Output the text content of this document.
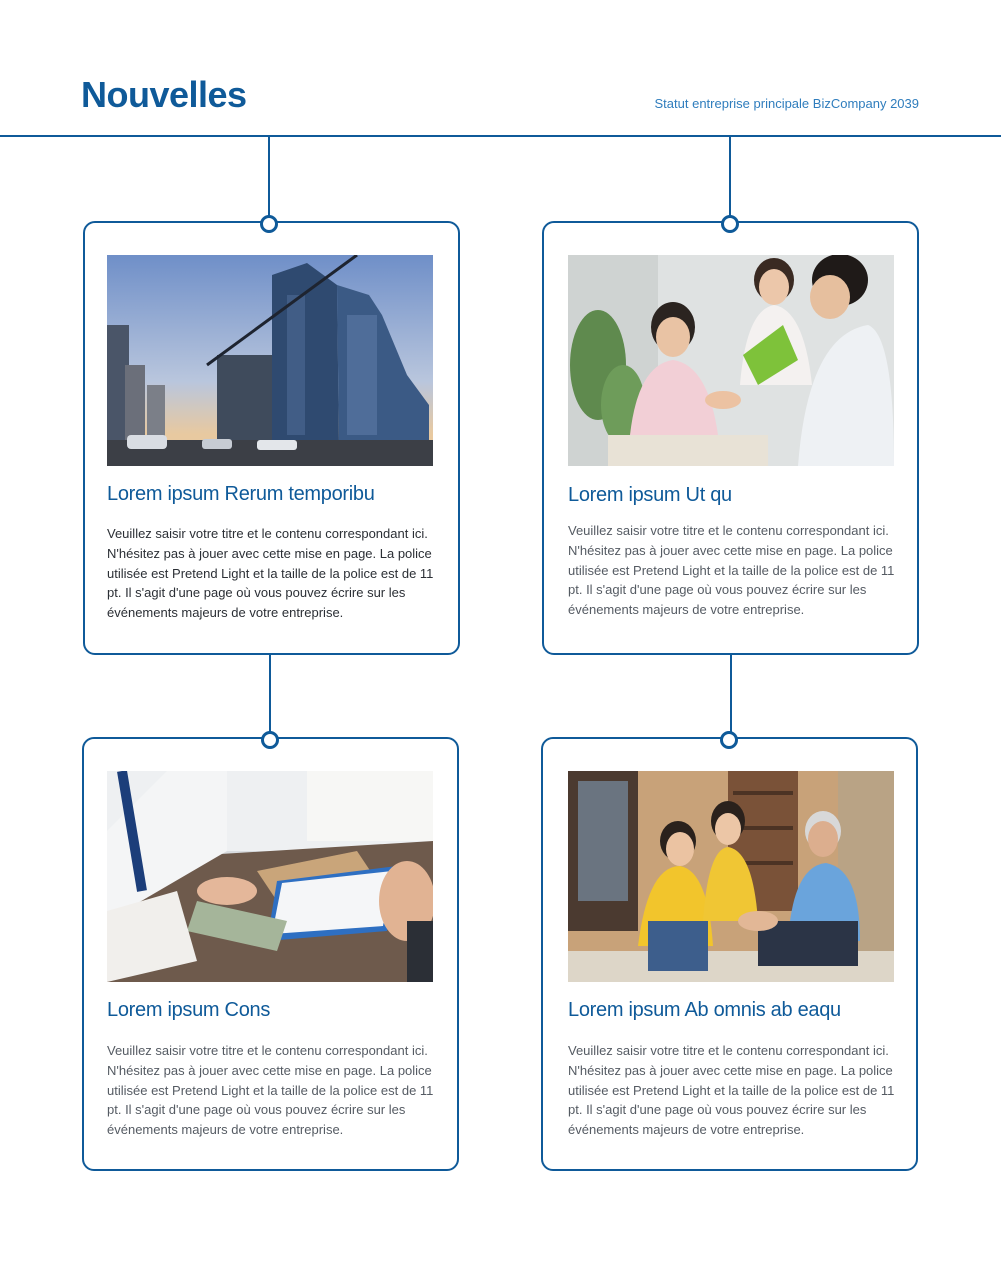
Nouvelles	Statut entreprise principale BizCompany 2039
Lorem ipsum Rerum temporibu

Veuillez saisir votre titre et le contenu correspondant ici. N'hésitez pas à jouer avec cette mise en page. La police utilisée est Pretend Light et la taille de la police est de 11 pt. Il s'agit d'une page où vous pouvez écrire sur les événements majeurs de votre entreprise.

Lorem ipsum Ut qu

Veuillez saisir votre titre et le contenu correspondant ici. N'hésitez pas à jouer avec cette mise en page. La police utilisée est Pretend Light et la taille de la police est de 11 pt. Il s'agit d'une page où vous pouvez écrire sur les événements majeurs de votre entreprise.

Lorem ipsum Cons

Veuillez saisir votre titre et le contenu correspondant ici. N'hésitez pas à jouer avec cette mise en page. La police utilisée est Pretend Light et la taille de la police est de 11 pt. Il s'agit d'une page où vous pouvez écrire sur les événements majeurs de votre entreprise.

Lorem ipsum Ab omnis ab eaqu

Veuillez saisir votre titre et le contenu correspondant ici. N'hésitez pas à jouer avec cette mise en page. La police utilisée est Pretend Light et la taille de la police est de 11 pt. Il s'agit d'une page où vous pouvez écrire sur les événements majeurs de votre entreprise.
